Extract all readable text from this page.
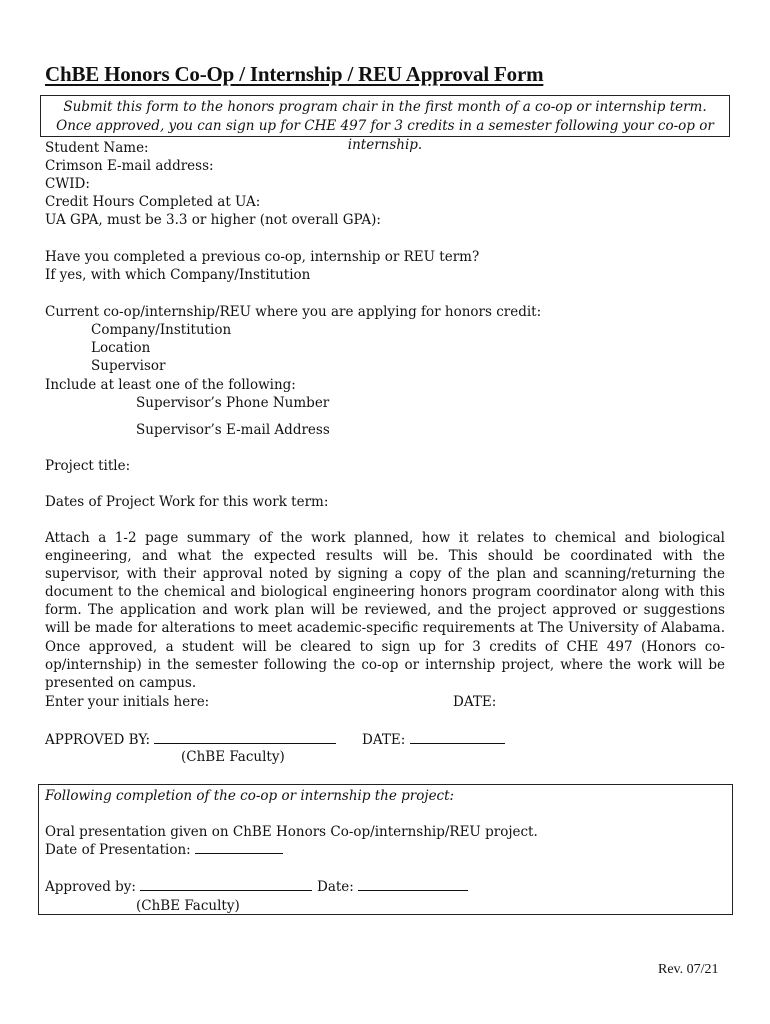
ChBE Honors Co-Op / Internship / REU Approval Form
Submit this form to the honors program chair in the first month of a co-op or internship term. Once approved, you can sign up for CHE 497 for 3 credits in a semester following your co-op or internship.
Student Name:
Crimson E-mail address:
CWID:
Credit Hours Completed at UA:
UA GPA, must be 3.3 or higher (not overall GPA):
Have you completed a previous co-op, internship or REU term?
If yes, with which Company/Institution
Current co-op/internship/REU where you are applying for honors credit:
Company/Institution
Location
Supervisor
Include at least one of the following:
Supervisor’s Phone Number
Supervisor’s E-mail Address
Project title:
Dates of Project Work for this work term:
Attach a 1-2 page summary of the work planned, how it relates to chemical and biological engineering, and what the expected results will be. This should be coordinated with the supervisor, with their approval noted by signing a copy of the plan and scanning/returning the document to the chemical and biological engineering honors program coordinator along with this form. The application and work plan will be reviewed, and the project approved or suggestions will be made for alterations to meet academic-specific requirements at The University of Alabama. Once approved, a student will be cleared to sign up for 3 credits of CHE 497 (Honors co-op/internship) in the semester following the co-op or internship project, where the work will be presented on campus.
Enter your initials here:	DATE:
APPROVED BY:	DATE:
(ChBE Faculty)
Following completion of the co-op or internship the project:
Oral presentation given on ChBE Honors Co-op/internship/REU project.
Date of Presentation:
Approved by:	Date:
(ChBE Faculty)
Rev. 07/21
